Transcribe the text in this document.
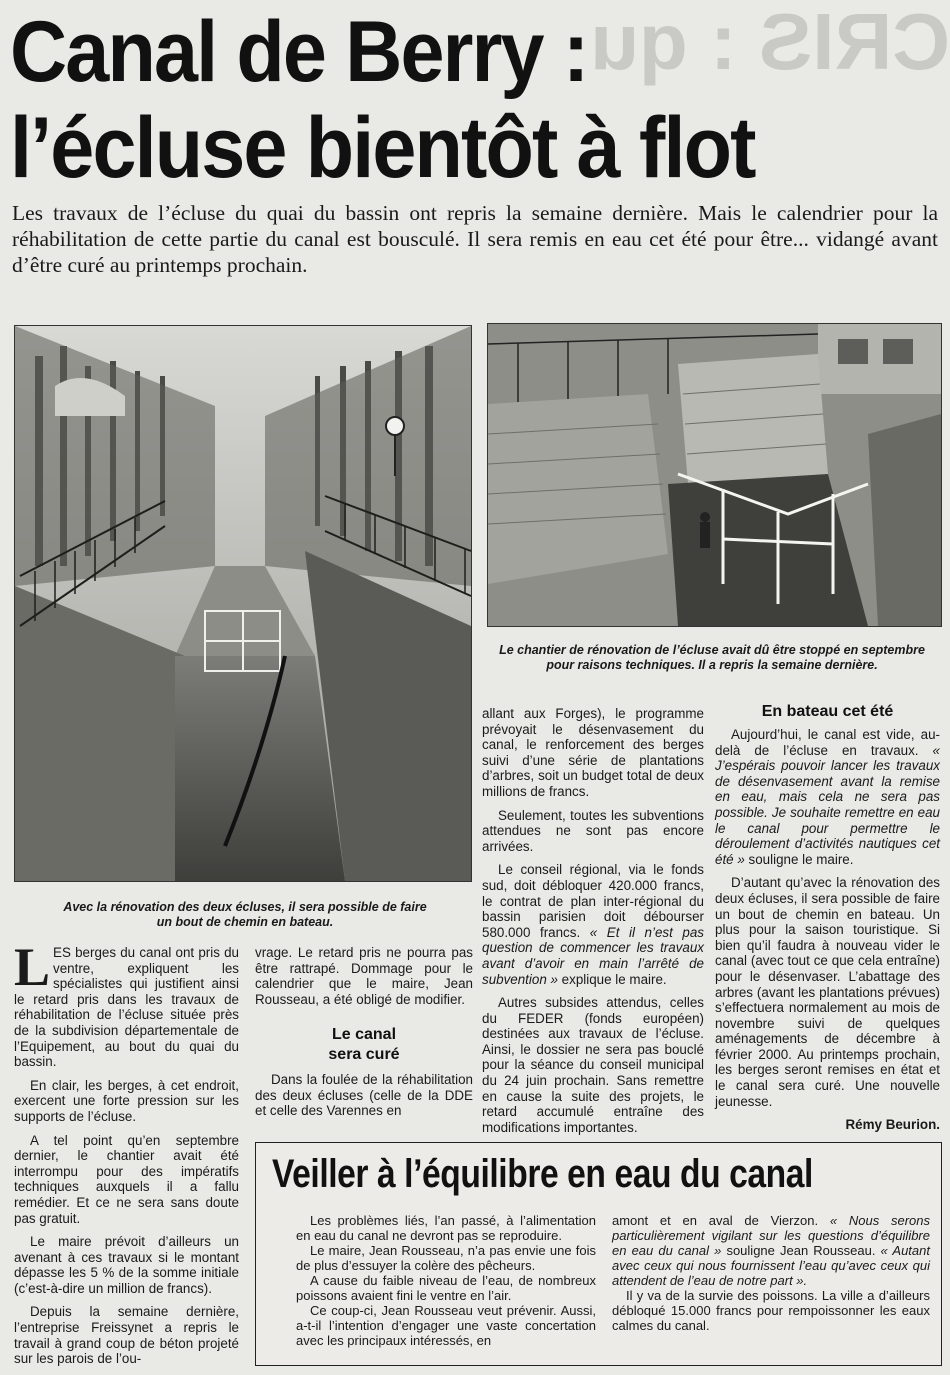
CRIS : qu
Canal de Berry :
l’écluse bientôt à flot
Les travaux de l’écluse du quai du bassin ont repris la semaine dernière. Mais le calendrier pour la réhabilitation de cette partie du canal est bousculé. Il sera remis en eau cet été pour être... vidangé avant d’être curé au printemps prochain.
Avec la rénovation des deux écluses, il sera possible de faire un bout de chemin en bateau.
Le chantier de rénovation de l’écluse avait dû être stoppé en septembre pour raisons techniques. Il a repris la semaine dernière.

L ES berges du canal ont pris du ventre, expliquent les spécialistes qui justifient ainsi le retard pris dans les travaux de réhabilitation de l’écluse située près de la subdivision départementale de l’Equipement, au bout du quai du bassin.

En clair, les berges, à cet endroit, exercent une forte pression sur les supports de l’écluse.

A tel point qu’en septembre dernier, le chantier avait été interrompu pour des impératifs techniques auxquels il a fallu remédier. Et ce ne sera sans doute pas gratuit.

Le maire prévoit d’ailleurs un avenant à ces travaux si le montant dépasse les 5 % de la somme initiale (c’est-à-dire un million de francs).

Depuis la semaine dernière, l’entreprise Freissynet a repris le travail à grand coup de béton projeté sur les parois de l’ou-

vrage. Le retard pris ne pourra pas être rattrapé. Dommage pour le calendrier que le maire, Jean Rousseau, a été obligé de modifier.

Le canal
sera curé

Dans la foulée de la réhabilitation des deux écluses (celle de la DDE et celle des Varennes en

allant aux Forges), le programme prévoyait le désenvasement du canal, le renforcement des berges suivi d’une série de plantations d’arbres, soit un budget total de deux millions de francs.

Seulement, toutes les subventions attendues ne sont pas encore arrivées.

Le conseil régional, via le fonds sud, doit débloquer 420.000 francs, le contrat de plan inter-régional du bassin parisien doit débourser 580.000 francs. « Et il n’est pas question de commencer les travaux avant d’avoir en main l’arrêté de subvention » explique le maire.

Autres subsides attendus, celles du FEDER (fonds européen) destinées aux travaux de l’écluse. Ainsi, le dossier ne sera pas bouclé pour la séance du conseil municipal du 24 juin prochain. Sans remettre en cause la suite des projets, le retard accumulé entraîne des modifications importantes.

En bateau cet été

Aujourd’hui, le canal est vide, au-delà de l’écluse en travaux. « J’espérais pouvoir lancer les travaux de désenvasement avant la remise en eau, mais cela ne sera pas possible. Je souhaite remettre en eau le canal pour permettre le déroulement d’activités nautiques cet été » souligne le maire.

D’autant qu’avec la rénovation des deux écluses, il sera possible de faire un bout de chemin en bateau. Un plus pour la saison touristique. Si bien qu’il faudra à nouveau vider le canal (avec tout ce que cela entraîne) pour le désenvaser. L’abattage des arbres (avant les plantations prévues) s’effectuera normalement au mois de novembre suivi de quelques aménagements de décembre à février 2000. Au printemps prochain, les berges seront remises en état et le canal sera curé. Une nouvelle jeunesse.

Rémy Beurion.

Veiller à l’équilibre en eau du canal

Les problèmes liés, l’an passé, à l’alimentation en eau du canal ne devront pas se reproduire.

Le maire, Jean Rousseau, n’a pas envie une fois de plus d’essuyer la colère des pêcheurs.

A cause du faible niveau de l’eau, de nombreux poissons avaient fini le ventre en l’air.

Ce coup-ci, Jean Rousseau veut prévenir. Aussi, a-t-il l’intention d’engager une vaste concertation avec les principaux intéressés, en

amont et en aval de Vierzon. « Nous serons particulièrement vigilant sur les questions d’équilibre en eau du canal » souligne Jean Rousseau. « Autant avec ceux qui nous fournissent l’eau qu’avec ceux qui attendent de l’eau de notre part ».

Il y va de la survie des poissons. La ville a d’ailleurs débloqué 15.000 francs pour rempoissonner les eaux calmes du canal.
